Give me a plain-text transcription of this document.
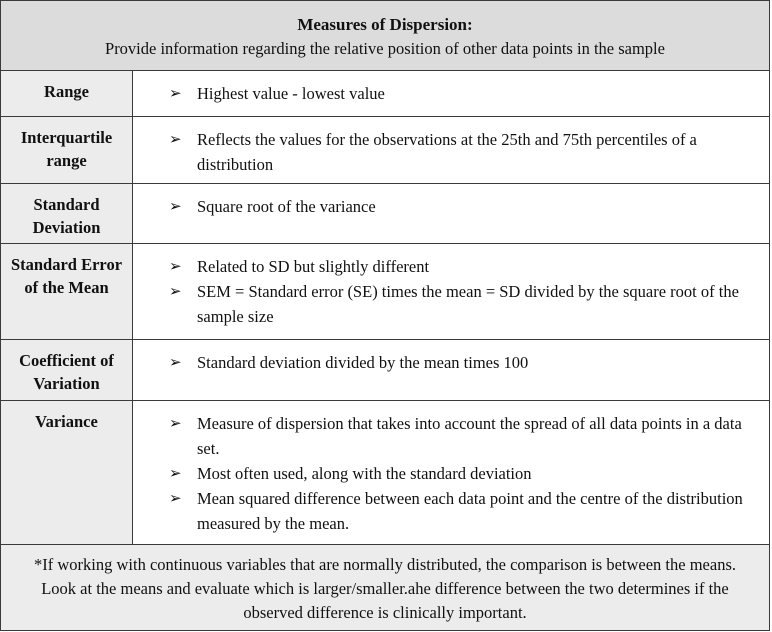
Measures of Dispersion:
Provide information regarding the relative position of other data points in the sample
Range	➢ Highest value - lowest value
Interquartile range
➢ Reflects the values for the observations at the 25th and 75th percentiles of a distribution
Standard Deviation
➢ Square root of the variance
Standard Error of the Mean
➢ Related to SD but slightly different
➢ SEM = Standard error (SE) times the mean = SD divided by the square root of the sample size
Coefficient of Variation
➢ Standard deviation divided by the mean times 100
Variance	➢ Measure of dispersion that takes into account the spread of all data points in a data set.
➢ Most often used, along with the standard deviation
➢ Mean squared difference between each data point and the centre of the distribution measured by the mean.
*If working with continuous variables that are normally distributed, the comparison is between the means. Look at the means and evaluate which is larger/smaller.ahe difference between the two determines if the observed difference is clinically important.
